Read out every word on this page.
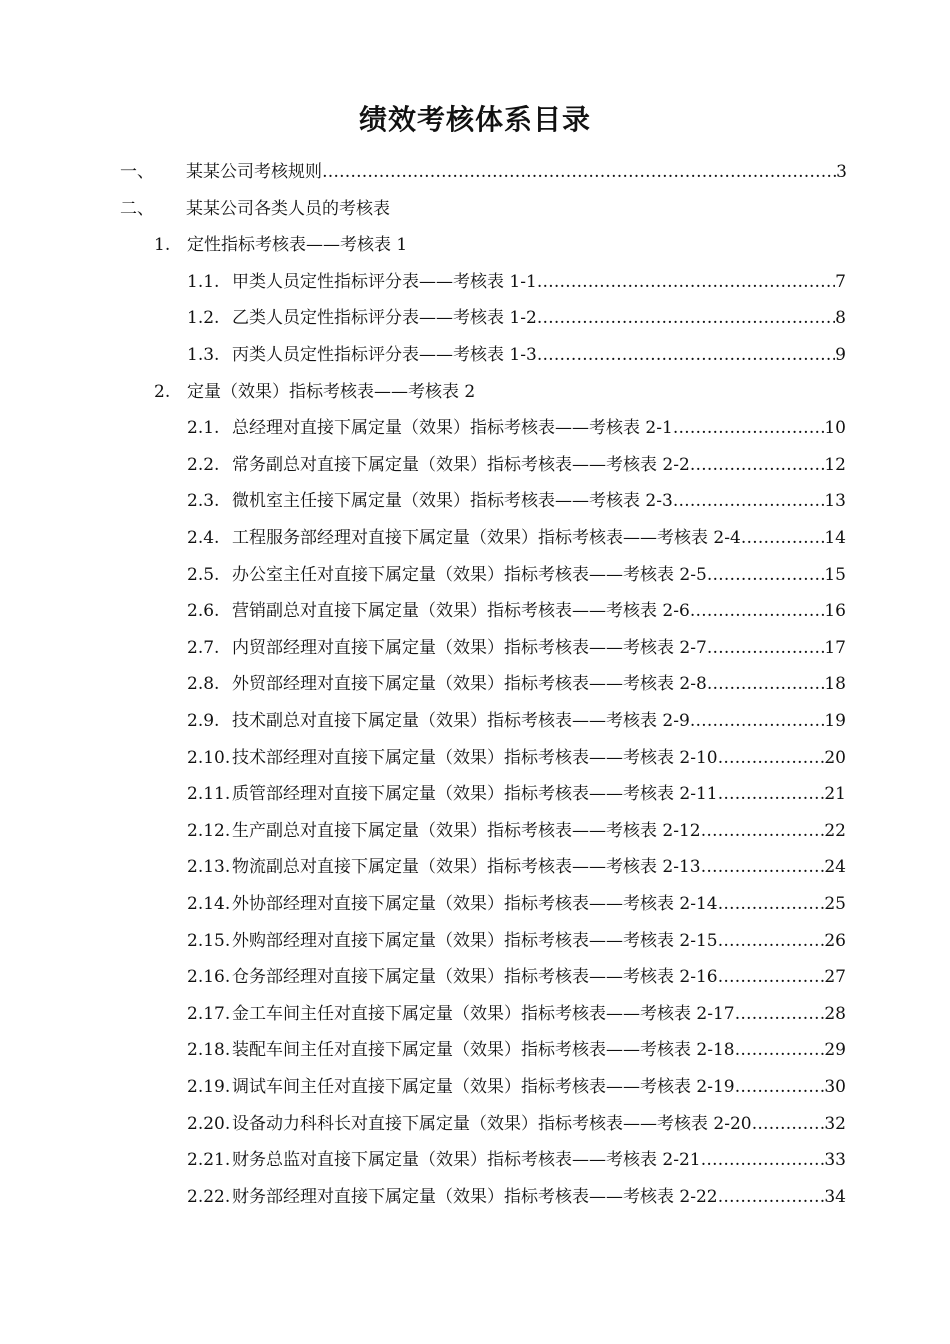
绩效考核体系目录
一、	某某公司考核规则 …………………………………………………………………………………………………………………………………………………………………………	3
二、	某某公司各类人员的考核表
1. 定性指标考核表——考核表 1
1.1. 甲类人员定性指标评分表——考核表 1-1 …………………………………………………………………………………………………………………………………………………………………………	7
1.2. 乙类人员定性指标评分表——考核表 1-2 …………………………………………………………………………………………………………………………………………………………………………	8
1.3. 丙类人员定性指标评分表——考核表 1-3 …………………………………………………………………………………………………………………………………………………………………………	9
2. 定量（效果）指标考核表——考核表 2
2.1. 总经理对直接下属定量（效果）指标考核表——考核表 2-1 …………………………………………………………………………………………………………………………………………………………………………	10
2.2. 常务副总对直接下属定量（效果）指标考核表——考核表 2-2 …………………………………………………………………………………………………………………………………………………………………………	12
2.3. 微机室主任接下属定量（效果）指标考核表——考核表 2-3 …………………………………………………………………………………………………………………………………………………………………………	13
2.4. 工程服务部经理对直接下属定量（效果）指标考核表——考核表 2-4 …………………………………………………………………………………………………………………………………………………………………………	14
2.5. 办公室主任对直接下属定量（效果）指标考核表——考核表 2-5 …………………………………………………………………………………………………………………………………………………………………………	15
2.6. 营销副总对直接下属定量（效果）指标考核表——考核表 2-6 …………………………………………………………………………………………………………………………………………………………………………	16
2.7. 内贸部经理对直接下属定量（效果）指标考核表——考核表 2-7 …………………………………………………………………………………………………………………………………………………………………………	17
2.8. 外贸部经理对直接下属定量（效果）指标考核表——考核表 2-8 …………………………………………………………………………………………………………………………………………………………………………	18
2.9. 技术副总对直接下属定量（效果）指标考核表——考核表 2-9 …………………………………………………………………………………………………………………………………………………………………………	19
2.10. 技术部经理对直接下属定量（效果）指标考核表——考核表 2-10 …………………………………………………………………………………………………………………………………………………………………………	20
2.11. 质管部经理对直接下属定量（效果）指标考核表——考核表 2-11 …………………………………………………………………………………………………………………………………………………………………………	21
2.12. 生产副总对直接下属定量（效果）指标考核表——考核表 2-12 …………………………………………………………………………………………………………………………………………………………………………	22
2.13. 物流副总对直接下属定量（效果）指标考核表——考核表 2-13 …………………………………………………………………………………………………………………………………………………………………………	24
2.14. 外协部经理对直接下属定量（效果）指标考核表——考核表 2-14 …………………………………………………………………………………………………………………………………………………………………………	25
2.15. 外购部经理对直接下属定量（效果）指标考核表——考核表 2-15 …………………………………………………………………………………………………………………………………………………………………………	26
2.16. 仓务部经理对直接下属定量（效果）指标考核表——考核表 2-16 …………………………………………………………………………………………………………………………………………………………………………	27
2.17. 金工车间主任对直接下属定量（效果）指标考核表——考核表 2-17 …………………………………………………………………………………………………………………………………………………………………………	28
2.18. 装配车间主任对直接下属定量（效果）指标考核表——考核表 2-18 …………………………………………………………………………………………………………………………………………………………………………	29
2.19. 调试车间主任对直接下属定量（效果）指标考核表——考核表 2-19 …………………………………………………………………………………………………………………………………………………………………………	30
2.20. 设备动力科科长对直接下属定量（效果）指标考核表——考核表 2-20 …………………………………………………………………………………………………………………………………………………………………………	32
2.21. 财务总监对直接下属定量（效果）指标考核表——考核表 2-21 …………………………………………………………………………………………………………………………………………………………………………	33
2.22. 财务部经理对直接下属定量（效果）指标考核表——考核表 2-22 …………………………………………………………………………………………………………………………………………………………………………	34
